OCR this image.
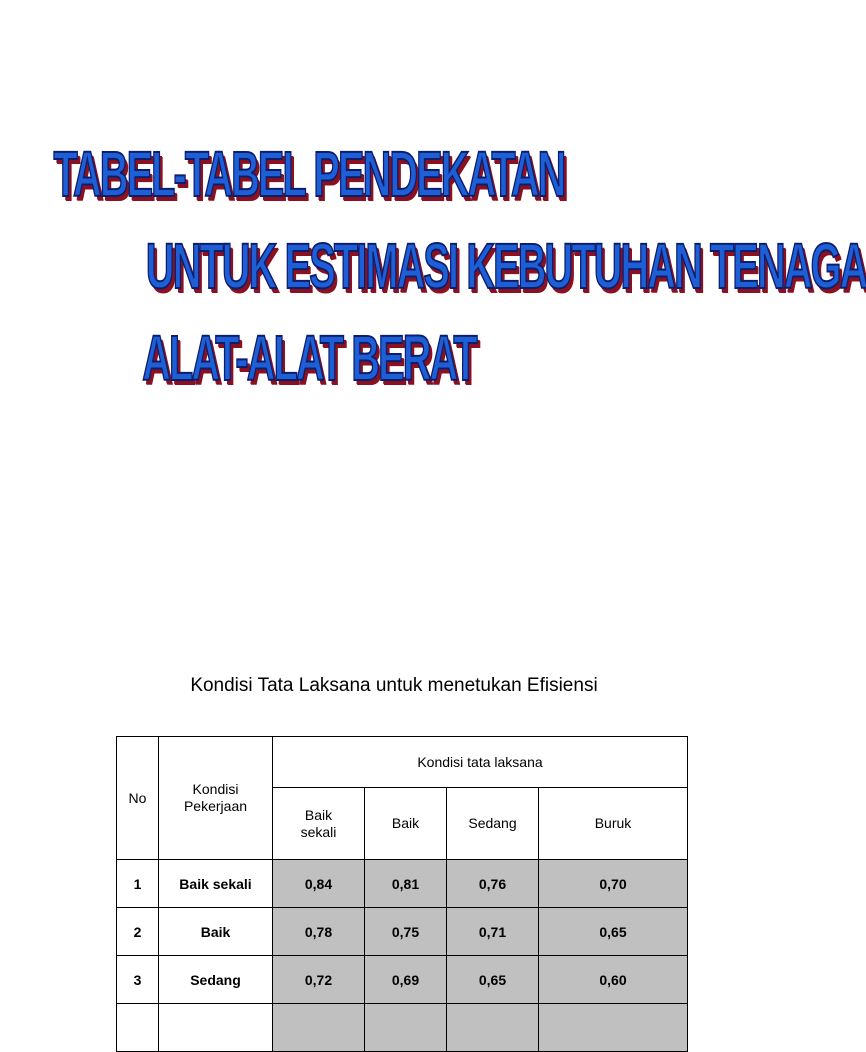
TABEL-TABEL PENDEKATAN
UNTUK ESTIMASI KEBUTUHAN TENAGA
ALAT-ALAT BERAT
Kondisi Tata Laksana untuk menetukan Efisiensi
No	Kondisi Pekerjaan	Kondisi tata laksana			
		Baik sekali	Baik	Sedang	Buruk
1	Baik sekali	0,84	0,81	0,76	0,70
2	Baik	0,78	0,75	0,71	0,65
3	Sedang	0,72	0,69	0,65	0,60
